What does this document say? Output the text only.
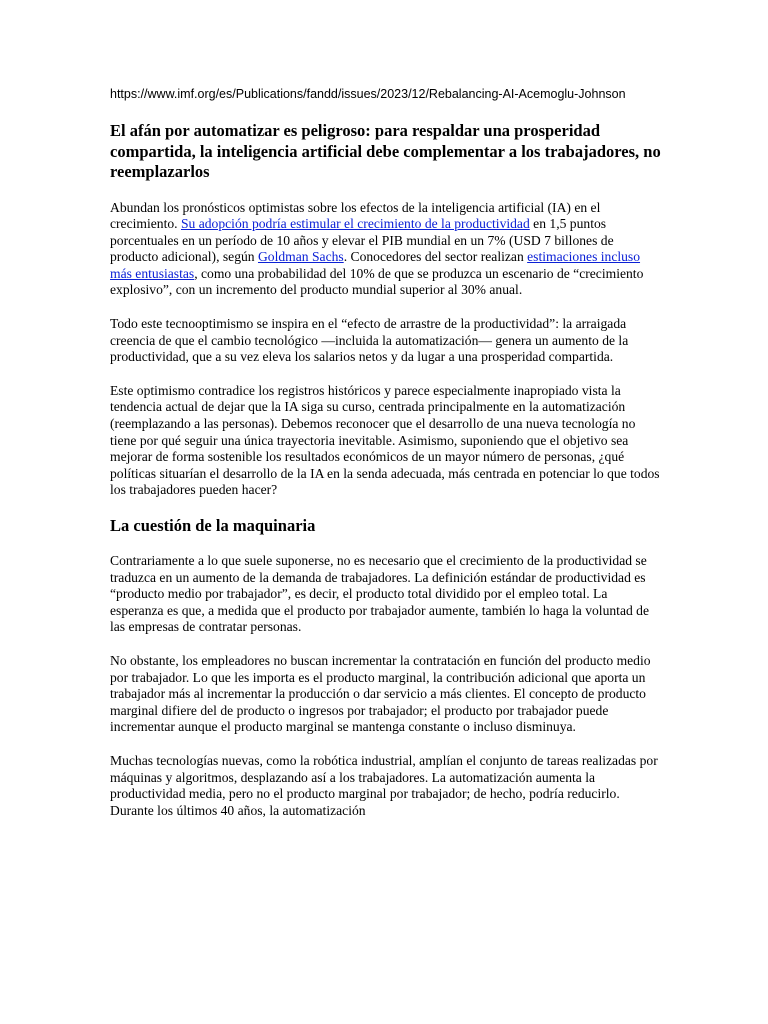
https://www.imf.org/es/Publications/fandd/issues/2023/12/Rebalancing-AI-Acemoglu-Johnson
El afán por automatizar es peligroso: para respaldar una prosperidad compartida, la inteligencia artificial debe complementar a los trabajadores, no reemplazarlos

Abundan los pronósticos optimistas sobre los efectos de la inteligencia artificial (IA) en el crecimiento. Su adopción podría estimular el crecimiento de la productividad en 1,5 puntos porcentuales en un período de 10 años y elevar el PIB mundial en un 7% (USD 7 billones de producto adicional), según Goldman Sachs. Conocedores del sector realizan estimaciones incluso más entusiastas, como una probabilidad del 10% de que se produzca un escenario de “crecimiento explosivo”, con un incremento del producto mundial superior al 30% anual.

Todo este tecnooptimismo se inspira en el “efecto de arrastre de la productividad”: la arraigada creencia de que el cambio tecnológico —incluida la automatización— genera un aumento de la productividad, que a su vez eleva los salarios netos y da lugar a una prosperidad compartida.

Este optimismo contradice los registros históricos y parece especialmente inapropiado vista la tendencia actual de dejar que la IA siga su curso, centrada principalmente en la automatización (reemplazando a las personas). Debemos reconocer que el desarrollo de una nueva tecnología no tiene por qué seguir una única trayectoria inevitable. Asimismo, suponiendo que el objetivo sea mejorar de forma sostenible los resultados económicos de un mayor número de personas, ¿qué políticas situarían el desarrollo de la IA en la senda adecuada, más centrada en potenciar lo que todos los trabajadores pueden hacer?

La cuestión de la maquinaria

Contrariamente a lo que suele suponerse, no es necesario que el crecimiento de la productividad se traduzca en un aumento de la demanda de trabajadores. La definición estándar de productividad es “producto medio por trabajador”, es decir, el producto total dividido por el empleo total. La esperanza es que, a medida que el producto por trabajador aumente, también lo haga la voluntad de las empresas de contratar personas.

No obstante, los empleadores no buscan incrementar la contratación en función del producto medio por trabajador. Lo que les importa es el producto marginal, la contribución adicional que aporta un trabajador más al incrementar la producción o dar servicio a más clientes. El concepto de producto marginal difiere del de producto o ingresos por trabajador; el producto por trabajador puede incrementar aunque el producto marginal se mantenga constante o incluso disminuya.

Muchas tecnologías nuevas, como la robótica industrial, amplían el conjunto de tareas realizadas por máquinas y algoritmos, desplazando así a los trabajadores. La automatización aumenta la productividad media, pero no el producto marginal por trabajador; de hecho, podría reducirlo. Durante los últimos 40 años, la automatización
